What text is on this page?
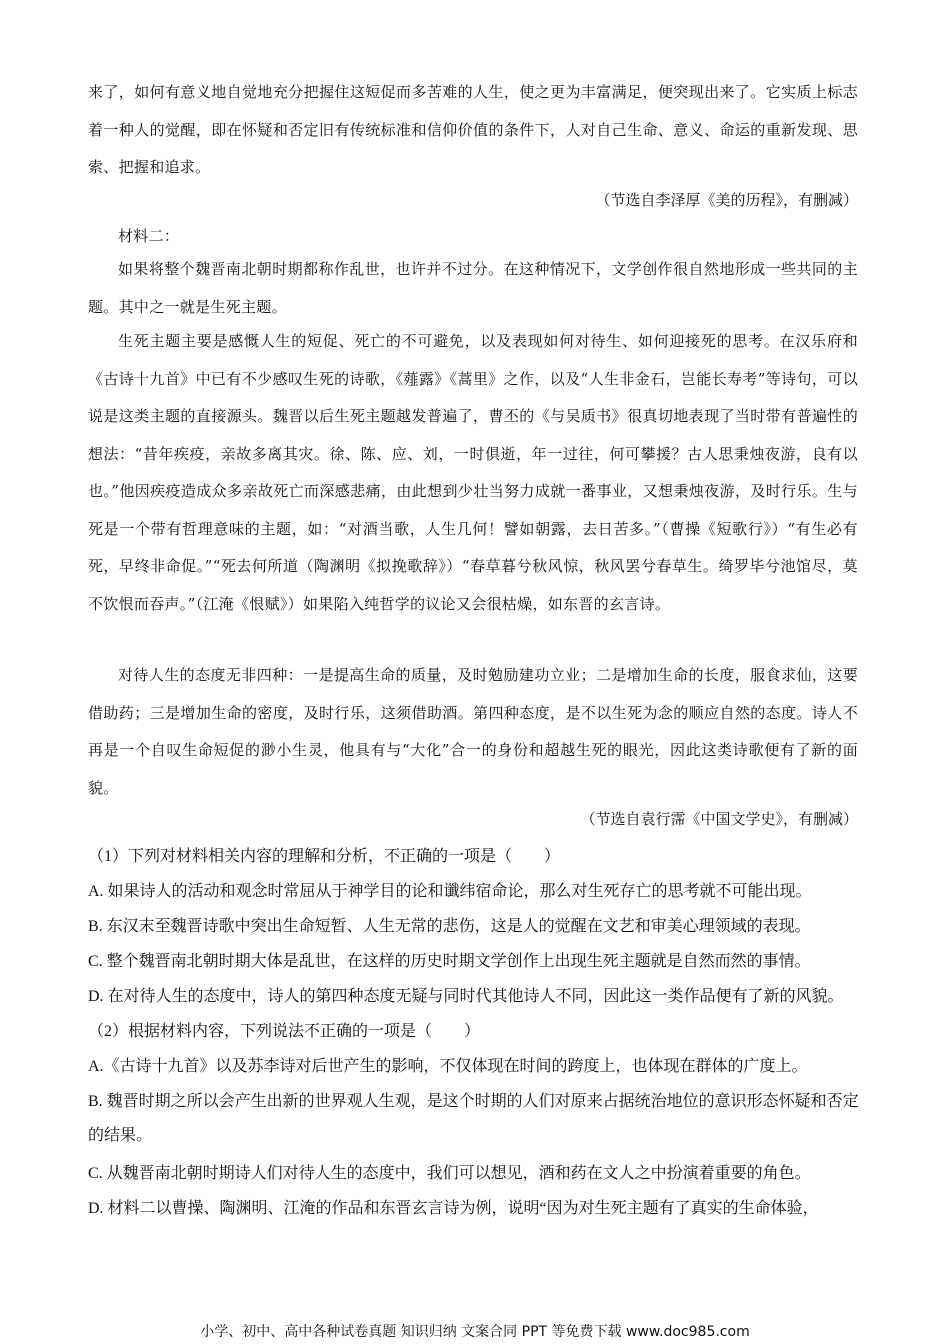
来了，如何有意义地自觉地充分把握住这短促而多苦难的人生，使之更为丰富满足，便突现出来了。它实质上标志着一种人的觉醒，即在怀疑和否定旧有传统标准和信仰价值的条件下，人对自己生命、意义、命运的重新发现、思索、把握和追求。
（节选自李泽厚《美的历程》，有删减）
材料二：
如果将整个魏晋南北朝时期都称作乱世，也许并不过分。在这种情况下，文学创作很自然地形成一些共同的主题。其中之一就是生死主题。
生死主题主要是感慨人生的短促、死亡的不可避免，以及表现如何对待生、如何迎接死的思考。在汉乐府和《古诗十九首》中已有不少感叹生死的诗歌，《薤露》《蒿里》之作，以及“人生非金石，岂能长寿考”等诗句，可以说是这类主题的直接源头。魏晋以后生死主题越发普遍了，曹丕的《与吴质书》很真切地表现了当时带有普遍性的想法：“昔年疾疫，亲故多离其灾。徐、陈、应、刘，一时俱逝，年一过往，何可攀援？古人思秉烛夜游，良有以也。”他因疾疫造成众多亲故死亡而深感悲痛，由此想到少壮当努力成就一番事业，又想秉烛夜游，及时行乐。生与死是一个带有哲理意味的主题，如：“对酒当歌，人生几何！譬如朝露，去日苦多。”（曹操《短歌行》）“有生必有死，早终非命促。”“死去何所道（陶渊明《拟挽歌辞》）“春草暮兮秋风惊，秋风罢兮春草生。绮罗毕兮池馆尽，莫不饮恨而吞声。”（江淹《恨赋》）如果陷入纯哲学的议论又会很枯燥，如东晋的玄言诗。
对待人生的态度无非四种：一是提高生命的质量，及时勉励建功立业；二是增加生命的长度，服食求仙，这要借助药；三是增加生命的密度，及时行乐，这须借助酒。第四种态度，是不以生死为念的顺应自然的态度。诗人不再是一个自叹生命短促的渺小生灵，他具有与“大化”合一的身份和超越生死的眼光，因此这类诗歌便有了新的面貌。
（节选自袁行霈《中国文学史》，有删减）
（1）下列对材料相关内容的理解和分析，不正确的一项是（　　）
A. 如果诗人的活动和观念时常屈从于神学目的论和谶纬宿命论，那么对生死存亡的思考就不可能出现。
B. 东汉末至魏晋诗歌中突出生命短暂、人生无常的悲伤，这是人的觉醒在文艺和审美心理领域的表现。
C. 整个魏晋南北朝时期大体是乱世，在这样的历史时期文学创作上出现生死主题就是自然而然的事情。
D. 在对待人生的态度中，诗人的第四种态度无疑与同时代其他诗人不同，因此这一类作品便有了新的风貌。
（2）根据材料内容，下列说法不正确的一项是（　　）
A.《古诗十九首》以及苏李诗对后世产生的影响，不仅体现在时间的跨度上，也体现在群体的广度上。
B. 魏晋时期之所以会产生出新的世界观人生观，是这个时期的人们对原来占据统治地位的意识形态怀疑和否定的结果。
C. 从魏晋南北朝时期诗人们对待人生的态度中，我们可以想见，酒和药在文人之中扮演着重要的角色。
D. 材料二以曹操、陶渊明、江淹的作品和东晋玄言诗为例，说明“因为对生死主题有了真实的生命体验，
小学、初中、高中各种试卷真题 知识归纳 文案合同 PPT 等免费下载 www.doc985.com
